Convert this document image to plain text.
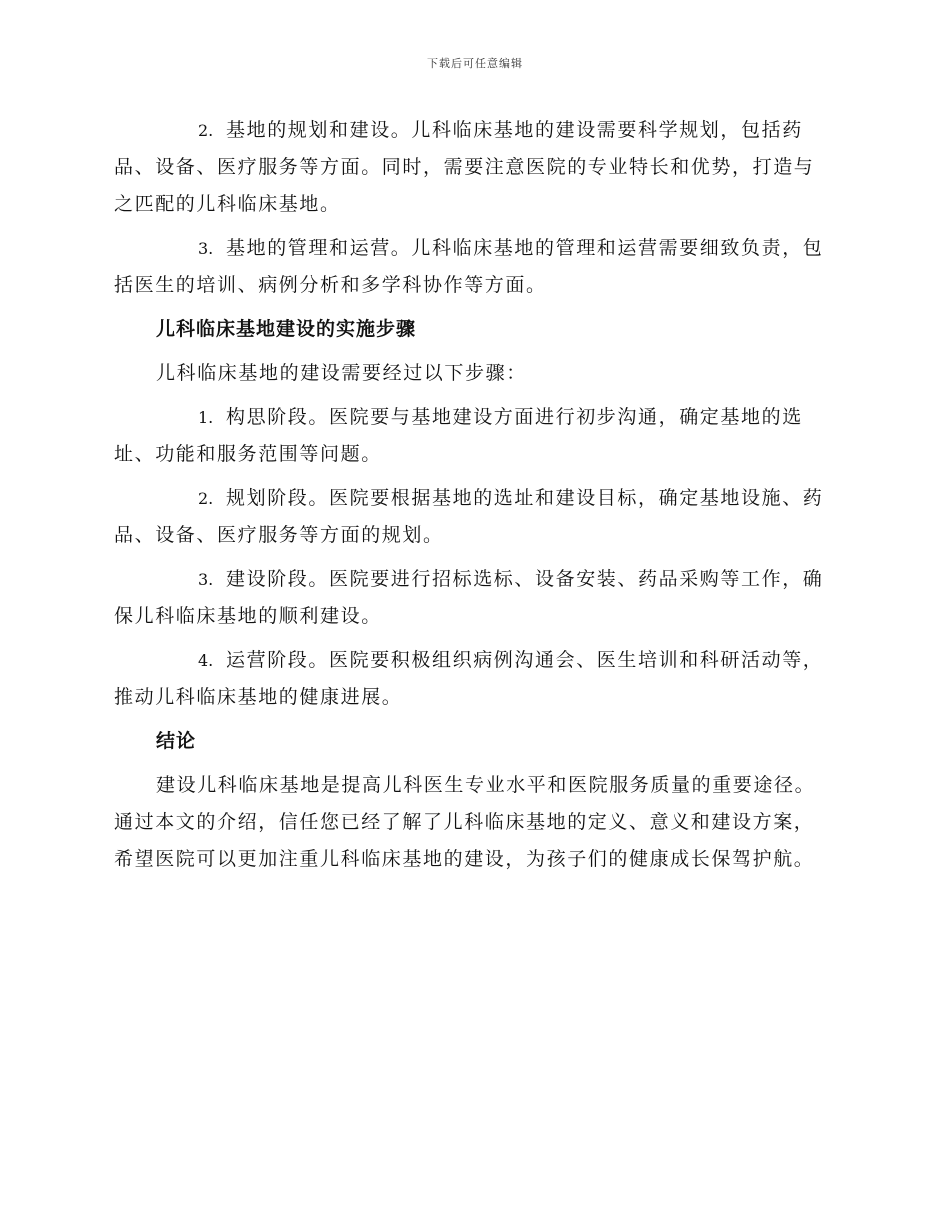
下载后可任意编辑

2. 基地的规划和建设。儿科临床基地的建设需要科学规划，包括药品、设备、医疗服务等方面。同时，需要注意医院的专业特长和优势，打造与之匹配的儿科临床基地。

3. 基地的管理和运营。儿科临床基地的管理和运营需要细致负责，包括医生的培训、病例分析和多学科协作等方面。

儿科临床基地建设的实施步骤

儿科临床基地的建设需要经过以下步骤：

1. 构思阶段。医院要与基地建设方面进行初步沟通，确定基地的选址、功能和服务范围等问题。

2. 规划阶段。医院要根据基地的选址和建设目标，确定基地设施、药品、设备、医疗服务等方面的规划。

3. 建设阶段。医院要进行招标选标、设备安装、药品采购等工作，确保儿科临床基地的顺利建设。

4. 运营阶段。医院要积极组织病例沟通会、医生培训和科研活动等，推动儿科临床基地的健康进展。

结论

建设儿科临床基地是提高儿科医生专业水平和医院服务质量的重要途径。通过本文的介绍，信任您已经了解了儿科临床基地的定义、意义和建设方案，希望医院可以更加注重儿科临床基地的建设，为孩子们的健康成长保驾护航。
